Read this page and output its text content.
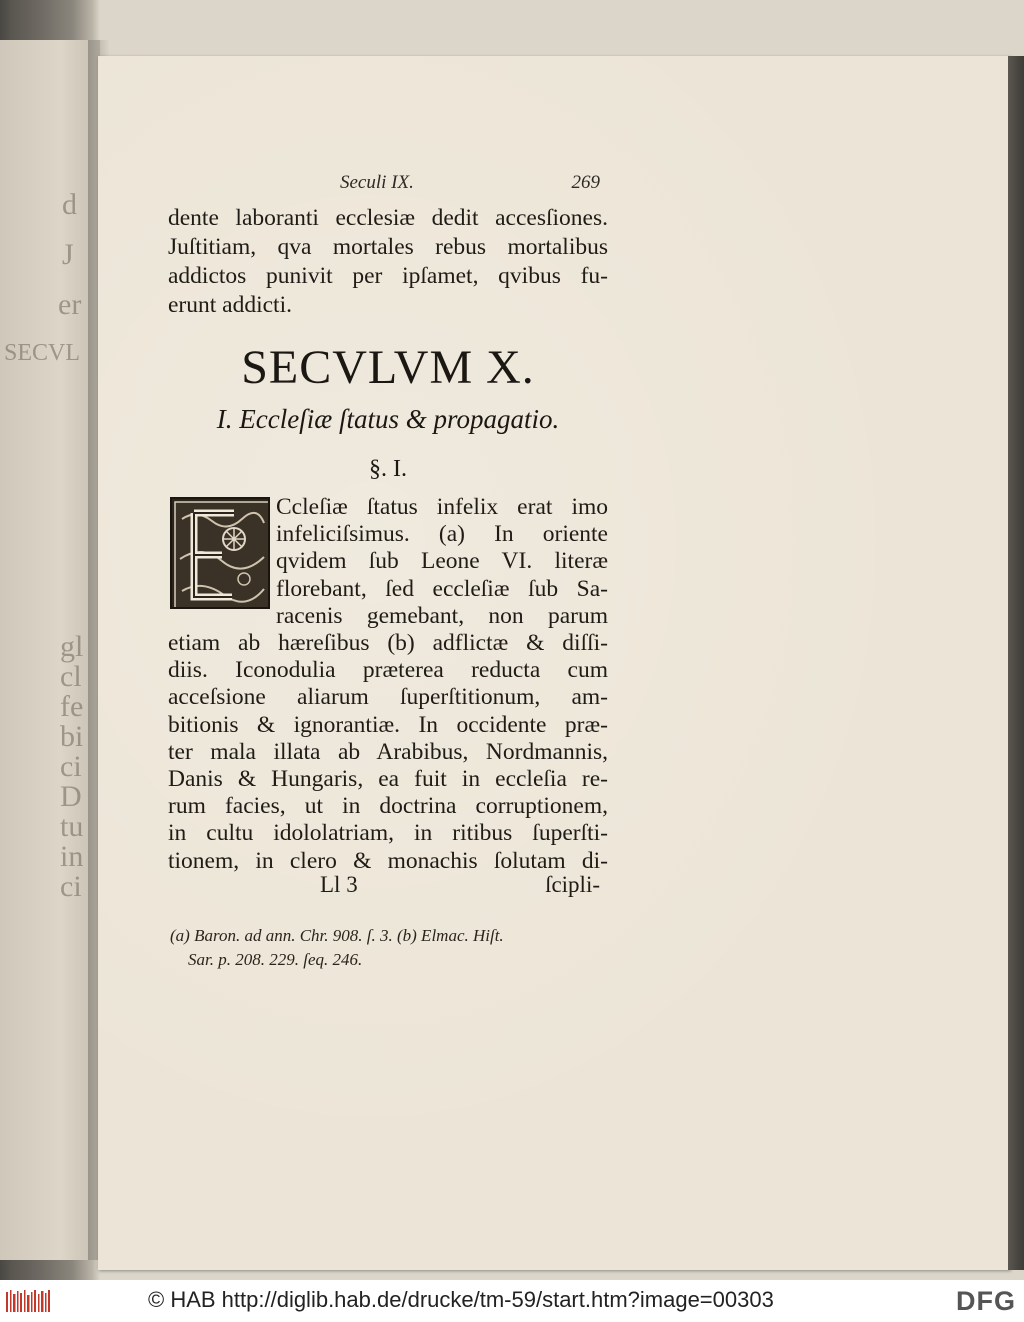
d
J
er
SECVL
gl
cl
fe
bi
ci
D
tu
in
ci
Seculi IX.	269
dente laboranti ecclesiæ dedit accesſiones.
Juſtitiam, qva mortales rebus mortalibus
addictos punivit per ipſamet, qvibus fu-
erunt addicti.
SECVLVM X.
I. Eccleſiæ ſtatus & propagatio.
§. I.
Ccleſiæ ſtatus infelix erat imo
infeliciſsimus. (a) In oriente
qvidem ſub Leone VI. literæ
florebant, ſed eccleſiæ ſub Sa-
racenis gemebant, non parum
etiam ab hæreſibus (b) adflictæ & diſſi-
diis. Iconodulia præterea reducta cum
acceſsione aliarum ſuperſtitionum, am-
bitionis & ignorantiæ. In occidente præ-
ter mala illata ab Arabibus, Nordmannis,
Danis & Hungaris, ea fuit in eccleſia re-
rum facies, ut in doctrina corruptionem,
in cultu idololatriam, in ritibus ſuperſti-
tionem, in clero & monachis ſolutam di-
Ll 3	ſcipli-
(a) Baron. ad ann. Chr. 908. ſ. 3. (b) Elmac. Hiſt.
Sar. p. 208. 229. ſeq. 246.
© HAB http://diglib.hab.de/drucke/tm-59/start.htm?image=00303	DFG
